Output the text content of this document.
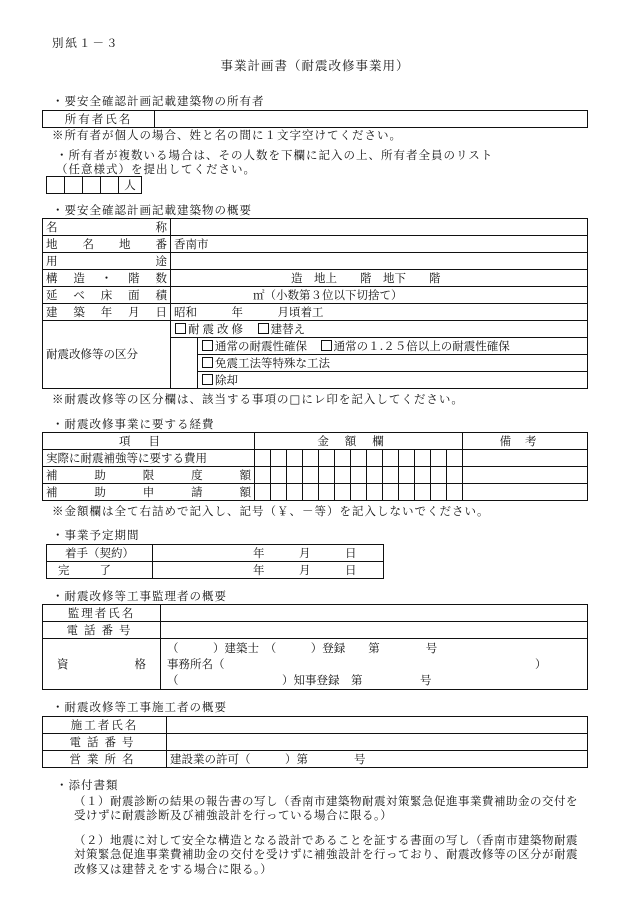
別紙１－３
事業計画書（耐震改修事業用）
・要安全確認計画記載建築物の所有者
所有者氏名	
※所有者が個人の場合、姓と名の間に１文字空けてください。
・所有者が複数いる場合は、その人数を下欄に記入の上、所有者全員のリスト
（任意様式）を提出してください。
				人
・要安全確認計画記載建築物の概要
名称	

地名地番	香南市

用途	

構造・階数	造　地上　　階　地下　　階

延べ床面積	㎡（小数第３位以下切捨て）

建築年月日	昭和　　　年　　　月頃着工
耐震改修等の区分	耐震改修 建替え
通常の耐震性確保 通常の１.２５倍以上の耐震性確保
免震工法等特殊な工法
除却
※耐震改修等の区分欄は、該当する事項の□にレ印を記入してください。
・耐震改修事業に要する経費
項目	金額欄													備考
実際に耐震補強等に要する費用														

補助限度額														

補助申請額														

※金額欄は全て右詰めで記入し、記号（￥、－等）を記入しないでください。
・事業予定期間
着手（契約）	年　　　月　　　日
完了	年　　　月　　　日
・耐震改修等工事監理者の概要
監理者氏名	
電話番号	

資格	（　　　）建築士　（　　　）登録　　第　　　　号
事務所名（　　　　　　　　　　　　　　　　　　　　　　　　　　　）
（　　　　　　　　　）知事登録　第　　　　　号
・耐震改修等工事施工者の概要
施工者氏名	
電話番号	
営業所名	建設業の許可（　　　）第　　　　号
・添付書類
（１）耐震診断の結果の報告書の写し（香南市建築物耐震対策緊急促進事業費補助金の交付を受けずに耐震診断及び補強設計を行っている場合に限る。）
（２）地震に対して安全な構造となる設計であることを証する書面の写し（香南市建築物耐震対策緊急促進事業費補助金の交付を受けずに補強設計を行っており、耐震改修等の区分が耐震改修又は建替えをする場合に限る。）
